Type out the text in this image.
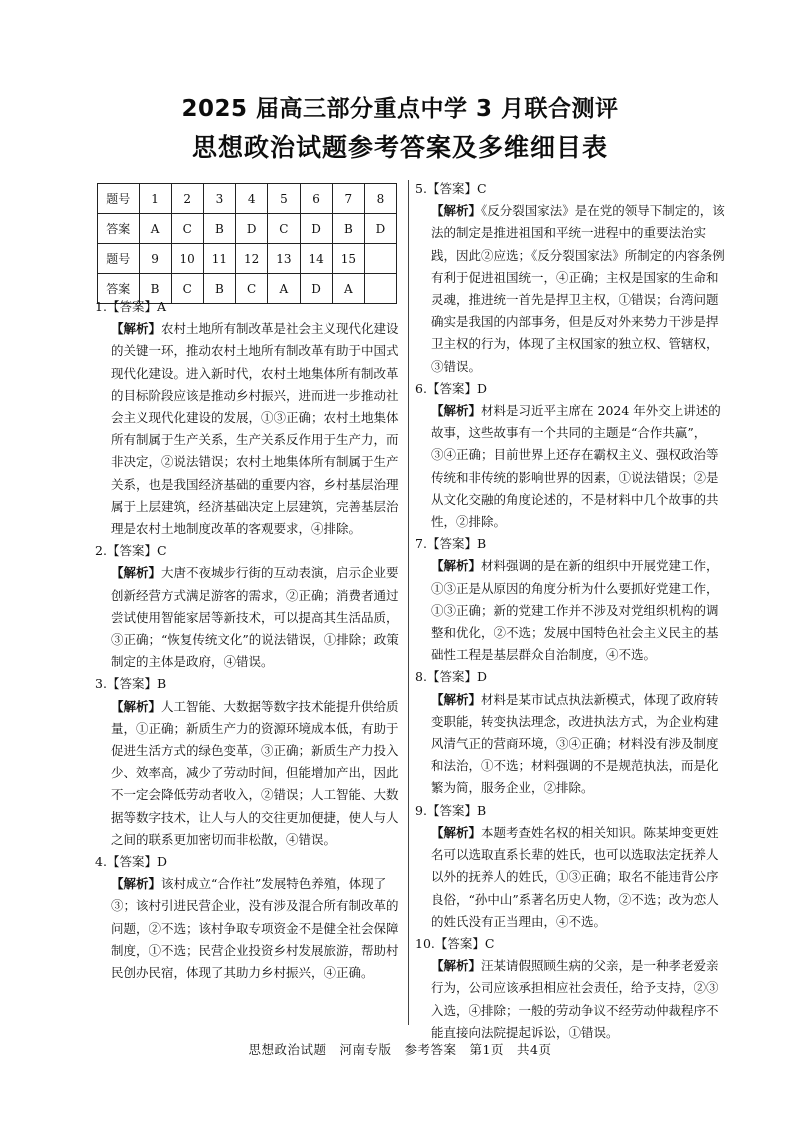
2025 届高三部分重点中学 3 月联合测评
思想政治试题参考答案及多维细目表
题号	1	2	3	4	5	6	7	8
答案	A	C	B	D	C	D	B	D
题号	9	10	11	12	13	14	15	
答案	B	C	B	C	A	D	A	
1.【答案】A
【解析】农村土地所有制改革是社会主义现代化建设的关键一环，推动农村土地所有制改革有助于中国式现代化建设。进入新时代，农村土地集体所有制改革的目标阶段应该是推动乡村振兴，进而进一步推动社会主义现代化建设的发展，①③正确；农村土地集体所有制属于生产关系，生产关系反作用于生产力，而非决定，②说法错误；农村土地集体所有制属于生产关系，也是我国经济基础的重要内容，乡村基层治理属于上层建筑，经济基础决定上层建筑，完善基层治理是农村土地制度改革的客观要求，④排除。
2.【答案】C
【解析】大唐不夜城步行街的互动表演，启示企业要创新经营方式满足游客的需求，②正确；消费者通过尝试使用智能家居等新技术，可以提高其生活品质，③正确；“恢复传统文化”的说法错误，①排除；政策制定的主体是政府，④错误。
3.【答案】B
【解析】人工智能、大数据等数字技术能提升供给质量，①正确；新质生产力的资源环境成本低，有助于促进生活方式的绿色变革，③正确；新质生产力投入少、效率高，减少了劳动时间，但能增加产出，因此不一定会降低劳动者收入，②错误；人工智能、大数据等数字技术，让人与人的交往更加便捷，使人与人之间的联系更加密切而非松散，④错误。
4.【答案】D
【解析】该村成立“合作社”发展特色养殖，体现了③；该村引进民营企业，没有涉及混合所有制改革的问题，②不选；该村争取专项资金不是健全社会保障制度，①不选；民营企业投资乡村发展旅游，帮助村民创办民宿，体现了其助力乡村振兴，④正确。
5.【答案】C
【解析】《反分裂国家法》是在党的领导下制定的，该法的制定是推进祖国和平统一进程中的重要法治实践，因此②应选；《反分裂国家法》所制定的内容条例有利于促进祖国统一，④正确；主权是国家的生命和灵魂，推进统一首先是捍卫主权，①错误；台湾问题确实是我国的内部事务，但是反对外来势力干涉是捍卫主权的行为，体现了主权国家的独立权、管辖权，③错误。
6.【答案】D
【解析】材料是习近平主席在 2024 年外交上讲述的故事，这些故事有一个共同的主题是“合作共赢”，③④正确；目前世界上还存在霸权主义、强权政治等传统和非传统的影响世界的因素，①说法错误；②是从文化交融的角度论述的，不是材料中几个故事的共性，②排除。
7.【答案】B
【解析】材料强调的是在新的组织中开展党建工作，①③正是从原因的角度分析为什么要抓好党建工作，①③正确；新的党建工作并不涉及对党组织机构的调整和优化，②不选；发展中国特色社会主义民主的基础性工程是基层群众自治制度，④不选。
8.【答案】D
【解析】材料是某市试点执法新模式，体现了政府转变职能，转变执法理念，改进执法方式，为企业构建风清气正的营商环境，③④正确；材料没有涉及制度和法治，①不选；材料强调的不是规范执法，而是化繁为简，服务企业，②排除。
9.【答案】B
【解析】本题考查姓名权的相关知识。陈某坤变更姓名可以选取直系长辈的姓氏，也可以选取法定抚养人以外的抚养人的姓氏，①③正确；取名不能违背公序良俗，“孙中山”系著名历史人物，②不选；改为恋人的姓氏没有正当理由，④不选。
10.【答案】C
【解析】汪某请假照顾生病的父亲，是一种孝老爱亲行为，公司应该承担相应社会责任，给予支持，②③入选，④排除；一般的劳动争议不经劳动仲裁程序不能直接向法院提起诉讼，①错误。
思想政治试题　河南专版　参考答案　第1页　共4页
